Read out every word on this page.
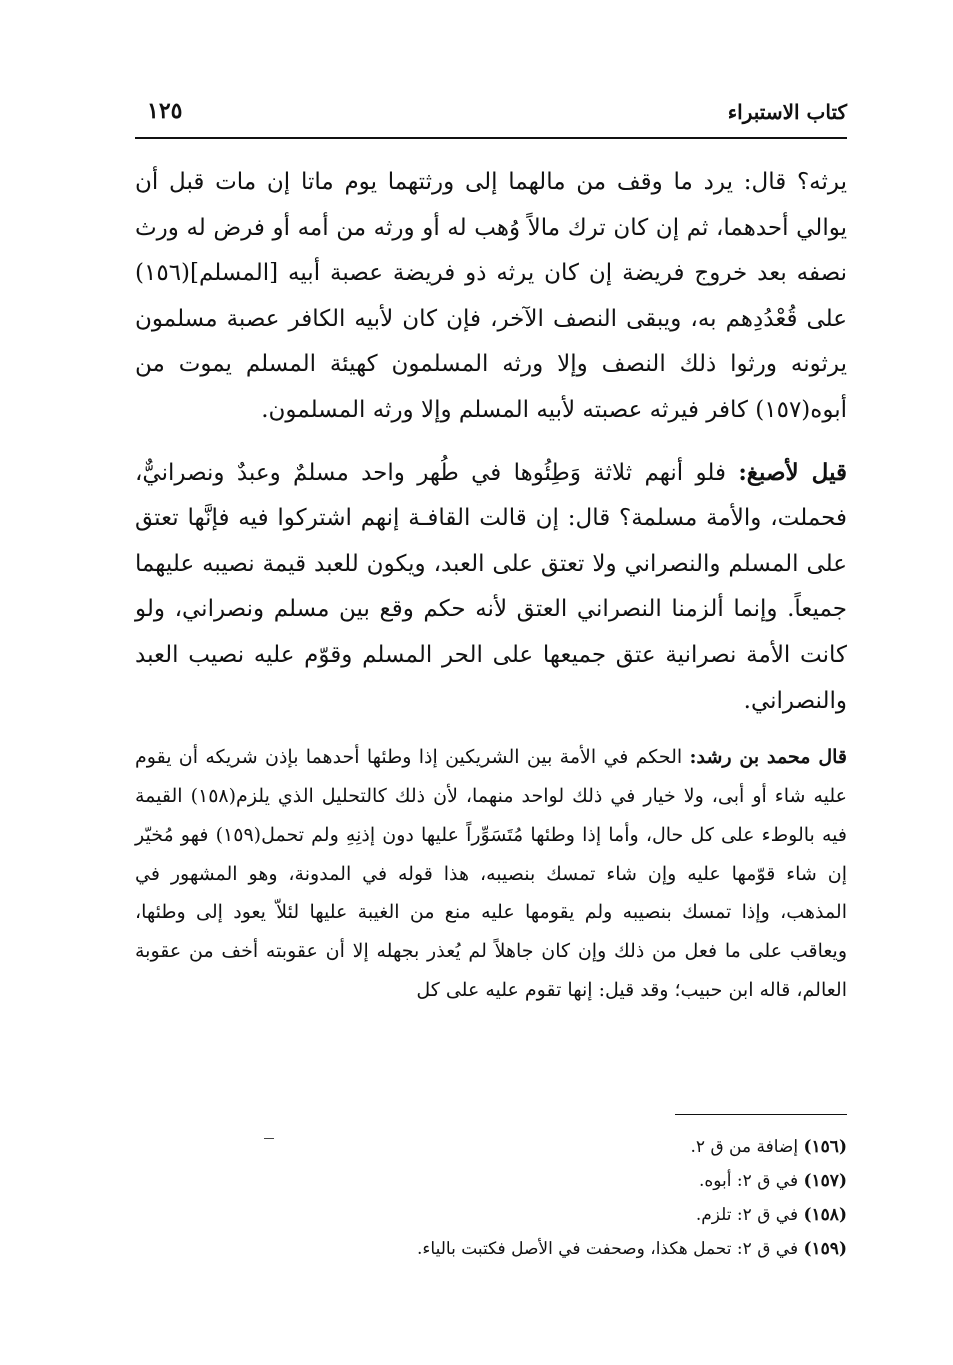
كتاب الاستبراء
١٢٥

يرثه؟ قال: يرد ما وقف من مالهما إلى ورثتهما يوم ماتا إن مات قبل أن يوالي أحدهما، ثم إن كان ترك مالاً وُهب له أو ورثه من أمه أو فرض له ورث نصفه بعد خروج فريضة إن كان يرثه ذو فريضة عصبة أبيه [المسلم](١٥٦) على قُعْدُدِهم به، ويبقى النصف الآخر، فإن كان لأبيه الكافر عصبة مسلمون يرثونه ورثوا ذلك النصف وإلا ورثه المسلمون كهيئة المسلم يموت من أبوه(١٥٧) كافر فيرثه عصبته لأبيه المسلم وإلا ورثه المسلمون.

قيل لأصبغ: فلو أنهم ثلاثة وَطِئُوها في طُهر واحد مسلمٌ وعبدٌ ونصرانيٌّ، فحملت، والأمة مسلمة؟ قال: إن قالت القافـة إنهم اشتركوا فيه فإنَّها تعتق على المسلم والنصراني ولا تعتق على العبد، ويكون للعبد قيمة نصيبه عليهما جميعاً. وإنما ألزمنا النصراني العتق لأنه حكم وقع بين مسلم ونصراني، ولو كانت الأمة نصرانية عتق جميعها على الحر المسلم وقوّم عليه نصيب العبد والنصراني.

قال محمد بن رشد: الحكم في الأمة بين الشريكين إذا وطئها أحدهما بإذن شريكه أن يقوم عليه شاء أو أبى، ولا خيار في ذلك لواحد منهما، لأن ذلك كالتحليل الذي يلزم(١٥٨) القيمة فيه بالوطء على كل حال، وأما إذا وطئها مُتَسَوِّراً عليها دون إذنِهِ ولم تحمل(١٥٩) فهو مُخيّر إن شاء قوّمها عليه وإن شاء تمسك بنصيبه، هذا قوله في المدونة، وهو المشهور في المذهب، وإذا تمسك بنصيبه ولم يقومها عليه منع من الغيبة عليها لئلاّ يعود إلى وطئها، ويعاقب على ما فعل من ذلك وإن كان جاهلاً لم يُعذر بجهله إلا أن عقوبته أخف من عقوبة العالم، قاله ابن حبيب؛ وقد قيل: إنها تقوم عليه على كل

(١٥٦) إضافة من ق ٢.
(١٥٧) في ق ٢: أبوه.
(١٥٨) في ق ٢: تلزم.
(١٥٩) في ق ٢: تحمل هكذا، وصحفت في الأصل فكتبت بالياء.
